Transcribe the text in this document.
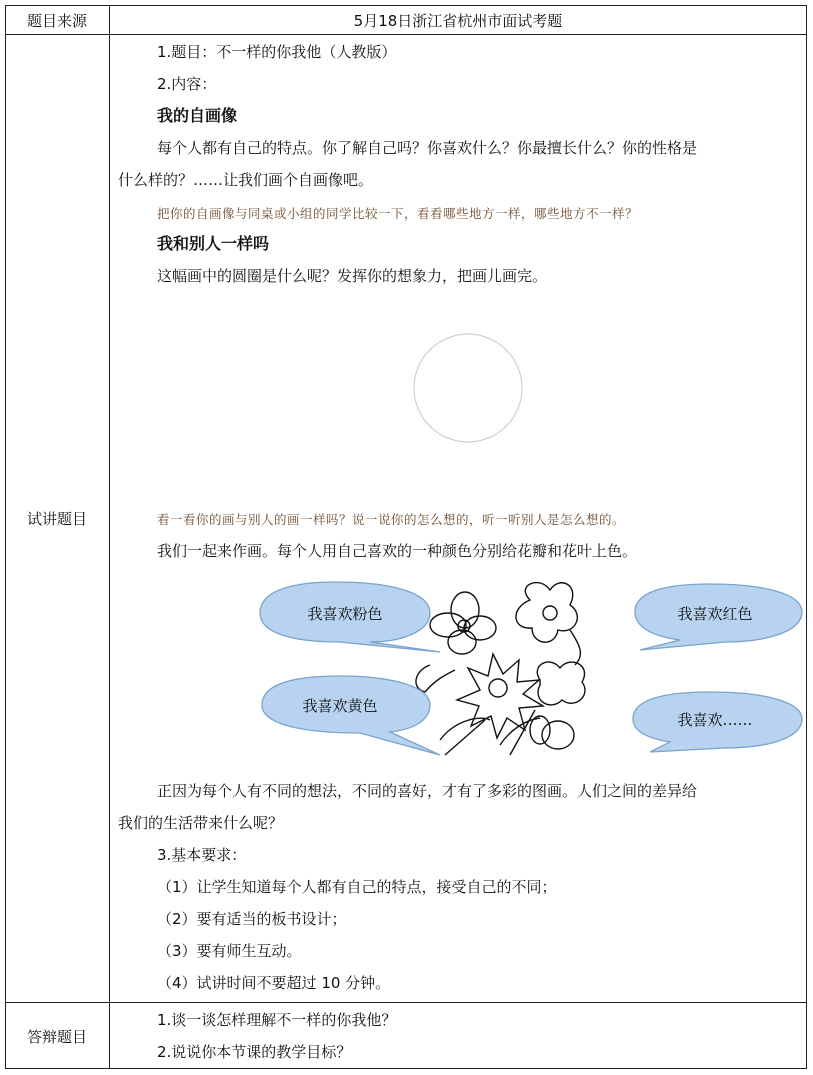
题目来源	5月18日浙江省杭州市面试考题
试讲题目
1.题目：不一样的你我他（人教版）
2.内容：
我的自画像
每个人都有自己的特点。你了解自己吗？你喜欢什么？你最擅长什么？你的性格是
什么样的？……让我们画个自画像吧。
把你的自画像与同桌或小组的同学比较一下，看看哪些地方一样，哪些地方不一样？
我和别人一样吗
这幅画中的圆圈是什么呢？发挥你的想象力，把画儿画完。
看一看你的画与别人的画一样吗？说一说你的怎么想的，听一听别人是怎么想的。
我们一起来作画。每个人用自己喜欢的一种颜色分别给花瓣和花叶上色。
我喜欢粉色	我喜欢红色
我喜欢黄色
我喜欢……
正因为每个人有不同的想法，不同的喜好，才有了多彩的图画。人们之间的差异给
我们的生活带来什么呢？
3.基本要求：
（1）让学生知道每个人都有自己的特点，接受自己的不同；
（2）要有适当的板书设计；
（3）要有师生互动。
（4）试讲时间不要超过 10 分钟。
答辩题目
1.谈一谈怎样理解不一样的你我他？
2.说说你本节课的教学目标？
